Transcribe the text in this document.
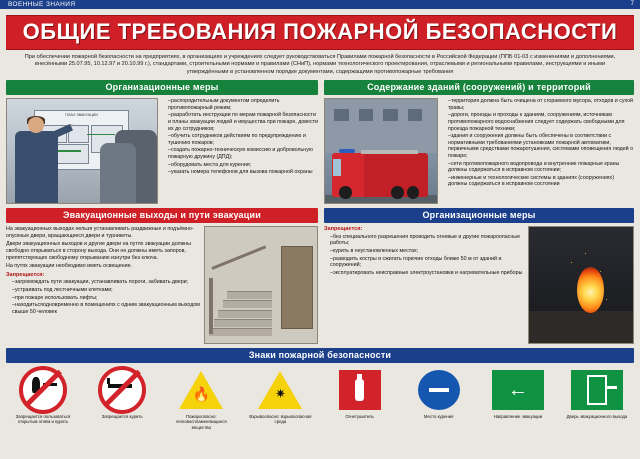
ВОЕННЫЕ ЗНАНИЯ	7
ОБЩИЕ ТРЕБОВАНИЯ ПОЖАРНОЙ БЕЗОПАСНОСТИ
При обеспечении пожарной безопасности на предприятиях, в организациях и учреждениях следует руководствоваться Правилами пожарной безопасности в Российской Федерации (ППБ 01-03 с изменениями и дополнениями, внесёнными 25.07.95, 10.12.97 и 20.10.99 г.), стандартами, строительными нормами и правилами (СНиП), нормами технологического проектирования, отраслевыми и региональными правилами, инструкциями и иными утверждёнными в установленном порядке документами, содержащими противопожарные требования
Организационные меры	Содержание зданий (сооружений) и территорий
ПЛАН ЭВАКУАЦИИ
– распорядительным документом определить противопожарный режим;
– разработать инструкции по мерам пожарной безопасности и планы эвакуации людей и имущества при пожаре, довести их до сотрудников;
– обучить сотрудников действиям по предупреждению и тушению пожаров;
– создать пожарно-техническую комиссию и добровольную пожарную дружину (ДПД);
– оборудовать места для курения;
– указать номера телефонов для вызова пожарной охраны
– территория должна быть очищена от сгораемого мусора, отходов и сухой травы;
– дороги, проезды и проходы к зданиям, сооружениям, источникам противопожарного водоснабжения следует содержать свободными для проезда пожарной техники;
– здания и сооружения должны быть обеспечены в соответствии с нормативными требованиями установками пожарной автоматики, первичными средствами пожаротушения, системами оповещения людей о пожаре;
– сети противопожарного водопровода и внутренние пожарные краны должны содержаться в исправном состоянии;
– инженерные и технологические системы в зданиях (сооружениях) должны содержаться в исправном состоянии
Эвакуационные выходы и пути эвакуации	Организационные меры
На эвакуационных выходах нельзя устанавливать раздвижные и подъёмно-опускные двери, вращающиеся двери и турникеты.
Двери эвакуационных выходов и другие двери на путях эвакуации должны свободно открываться в сторону выхода. Они не должны иметь запоров, препятствующих свободному открыванию изнутри без ключа.
На путях эвакуации необходимо иметь освещение.
Запрещается:
– загромождать пути эвакуации, устанавливать пороги, забивать двери;
– устраивать под лестничными клетками;
– при пожаре использовать лифты;
– находитьсяодновременно в помещениях с одним эвакуационным выходом свыше 50 человек
Запрещается:
– без специального разрешения проводить огневые и другие пожароопасные работы;
– курить в неустановленных местах;
– разводить костры и сжигать горючие отходы ближе 50 м от зданий и сооружений;
– эксплуатировать неисправные электроустановки и нагревательные приборы
Знаки пожарной безопасности
Запрещается пользоваться открытым огнём и курить
Запрещается курить
🔥
Пожароопасно: легковоспламеняющиеся вещества
✷
Взрывоопасно: взрывоопасная среда
Огнетушитель	Место курения
←
Направление эвакуации	Дверь эвакуационного выхода
